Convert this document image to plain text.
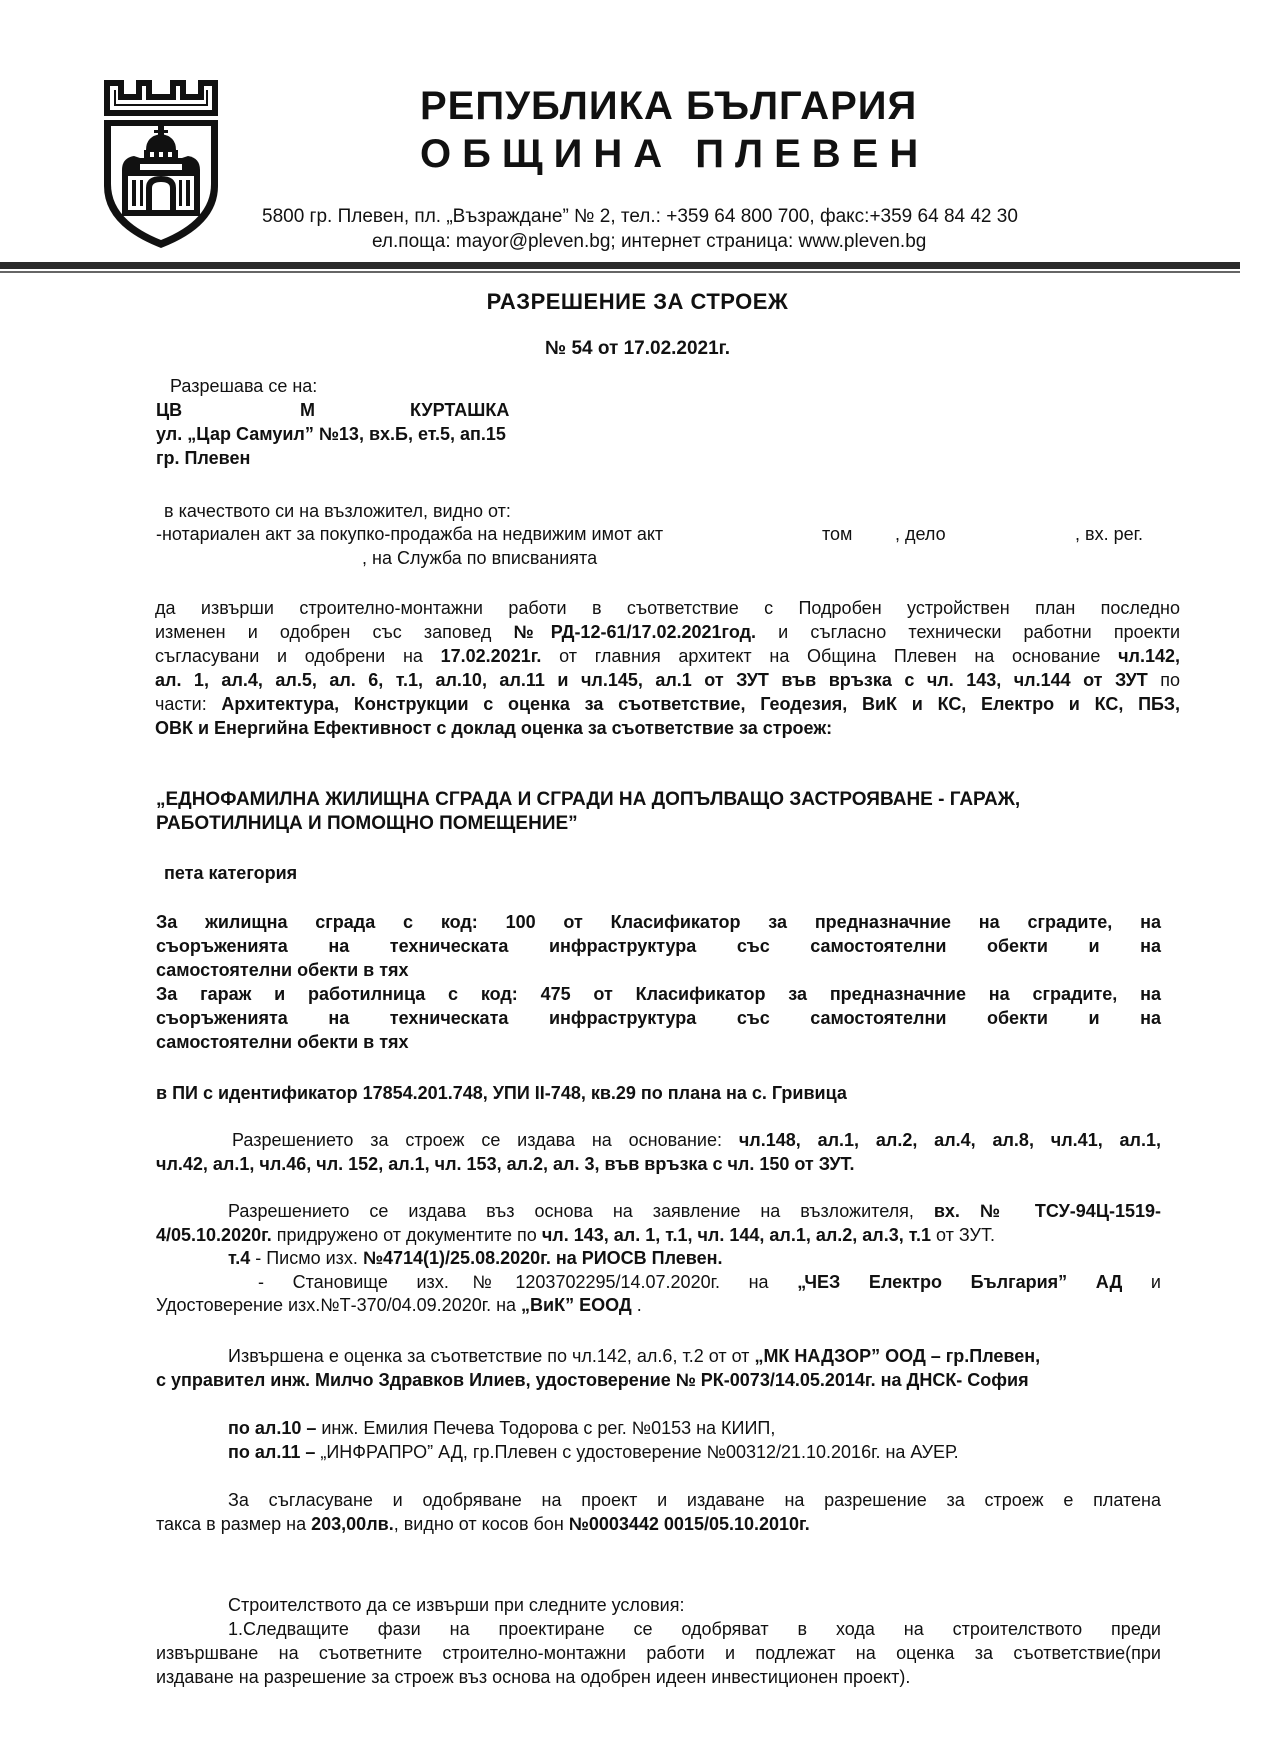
РЕПУБЛИКА БЪЛГАРИЯ
ОБЩИНА ПЛЕВЕН
5800 гр. Плевен, пл. „Възраждане” № 2, тел.: +359 64 800 700, факс:+359 64 84 42 30
ел.поща: mayor@pleven.bg; интернет страница: www.pleven.bg
РАЗРЕШЕНИЕ ЗА СТРОЕЖ
№ 54 от 17.02.2021г.
Разрешава се на:
ЦВ	М	КУРТАШКА
ул. „Цар Самуил” №13, вх.Б, ет.5, ап.15
гр. Плевен
в качеството си на възложител, видно от:
-нотариален акт за покупко-продажба на недвижим имот акт	том , дело	, вх. рег.
, на Служба по вписванията
да извърши строително-монтажни работи в съответствие с Подробен устройствен план последно
изменен и одобрен със заповед №РД-12-61/17.02.2021год. и съгласно технически работни проекти
съгласувани и одобрени на 17.02.2021г. от главния архитект на Община Плевен на основание чл.142,
ал. 1, ал.4, ал.5, ал. 6, т.1, ал.10, ал.11 и чл.145, ал.1 от ЗУТ във връзка с чл. 143, чл.144 от ЗУТ по
части: Архитектура, Конструкции с оценка за съответствие, Геодезия, ВиК и КС, Електро и КС, ПБЗ,
ОВК и Енергийна Ефективност с доклад оценка за съответствие за строеж:
„ЕДНОФАМИЛНА ЖИЛИЩНА СГРАДА И СГРАДИ НА ДОПЪЛВАЩО ЗАСТРОЯВАНЕ - ГАРАЖ,
РАБОТИЛНИЦА И ПОМОЩНО ПОМЕЩЕНИЕ”
пета категория
За жилищна сграда с код: 100 от Класификатор за предназначние на сградите, на
съоръженията на техническата инфраструктура със самостоятелни обекти и на
самостоятелни обекти в тях
За гараж и работилница с код: 475 от Класификатор за предназначние на сградите, на
съоръженията на техническата инфраструктура със самостоятелни обекти и на
самостоятелни обекти в тях
в ПИ с идентификатор 17854.201.748, УПИ II-748, кв.29 по плана на с. Гривица
Разрешението за строеж се издава на основание: чл.148, ал.1, ал.2, ал.4, ал.8, чл.41, ал.1,
чл.42, ал.1, чл.46, чл. 152, ал.1, чл. 153, ал.2, ал. 3, във връзка с чл. 150 от ЗУТ.
Разрешението се издава въз основа на заявление на възложителя, вх. № ТСУ-94Ц-1519-
4/05.10.2020г. придружено от документите по чл. 143, ал. 1, т.1, чл. 144, ал.1, ал.2, ал.3, т.1 от ЗУТ.
т.4 - Писмо изх. №4714(1)/25.08.2020г. на РИОСВ Плевен.
- Становище изх.№1203702295/14.07.2020г. на „ЧЕЗ Електро България” АД и
Удостоверение изх.№Т-370/04.09.2020г. на „ВиК” ЕООД .
Извършена е оценка за съответствие по чл.142, ал.6, т.2 от от „МК НАДЗОР” ООД – гр.Плевен,
с управител инж. Милчо Здравков Илиев, удостоверение № РК-0073/14.05.2014г. на ДНСК- София
по ал.10 – инж. Емилия Печева Тодорова с рег. №0153 на КИИП,
по ал.11 – „ИНФРАПРО” АД, гр.Плевен с удостоверение №00312/21.10.2016г. на АУЕР.
За съгласуване и одобряване на проект и издаване на разрешение за строеж е платена
такса в размер на 203,00лв., видно от косов бон №0003442 0015/05.10.2010г.
Строителството да се извърши при следните условия:
1.Следващите фази на проектиране се одобряват в хода на строителството преди
извършване на съответните строително-монтажни работи и подлежат на оценка за съответствие(при
издаване на разрешение за строеж въз основа на одобрен идеен инвестиционен проект).
